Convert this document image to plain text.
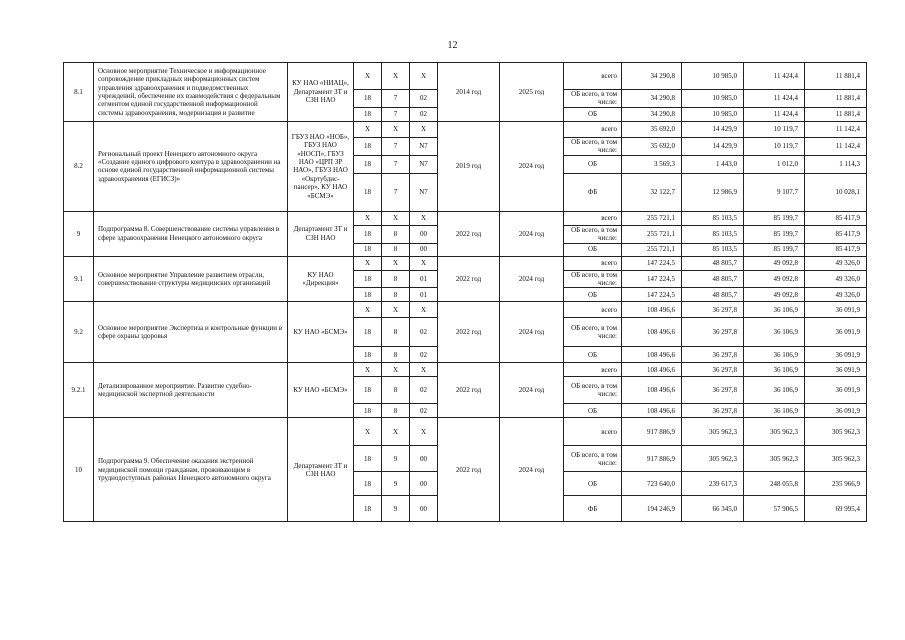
12
8.1	Основное мероприятие Техническое и информационное сопровождение прикладных информационных систем управления здравоохранения и подведомственных учреждений, обеспечение их взаимодействия с федеральным сегментом единой государственной информационной системы здравоохранения, модернизация и развитие	КУ НАО «НИАЦ», Департамент ЗТ и СЗН НАО	Х	Х	Х	2014 год	2025 год	всего	34 290,8	10 985,0	11 424,4	11 881,4
			18	7	02			ОБ всего, в том числе:	34 290,8	10 985,0	11 424,4	11 881,4
			18	7	02			ОБ	34 290,8	10 985,0	11 424,4	11 881,4
8.2	Региональный проект Ненецкого автономного округа «Создание единого цифрового контура в здравоохранении на основе единой государственной информационной системы здравоохранения (ЕГИСЗ)»	ГБУЗ НАО «НОБ», ГБУЗ НАО «НОСП», ГБУЗ НАО «ЦРП ЗР НАО», ГБУЗ НАО «Окртубдис-пансер», КУ НАО «БСМЭ»	Х	Х	Х	2019 год	2024 год	всего	35 692,0	14 429,9	10 119,7	11 142,4
			18	7	N7			ОБ всего, в том числе:	35 692,0	14 429,9	10 119,7	11 142,4
			18	7	N7			ОБ	3 569,3	1 443,0	1 012,0	1 114,3
			18	7	N7			ФБ	32 122,7	12 986,9	9 107,7	10 028,1
9	Подпрограмма 8. Совершенствование системы управления в сфере здравоохранения Ненецкого автономного округа	Департамент ЗТ и СЗН НАО	Х	Х	Х	2022 год	2024 год	всего	255 721,1	85 103,5	85 199,7	85 417,9
			18	8	00			ОБ всего, в том числе:	255 721,1	85 103,5	85 199,7	85 417,9
			18	8	00			ОБ	255 721,1	85 103,5	85 199,7	85 417,9
9.1	Основное мероприятие Управление развитием отрасли, совершенствование структуры медицинских организаций	КУ НАО «Дирекция»	Х	Х	Х	2022 год	2024 год	всего	147 224,5	48 805,7	49 092,8	49 326,0
			18	8	01			ОБ всего, в том числе:	147 224,5	48 805,7	49 092,8	49 326,0
			18	8	01			ОБ	147 224,5	48 805,7	49 092,8	49 326,0
9.2	Основное мероприятие Экспертиза и контрольные функции в сфере охраны здоровья	КУ НАО «БСМЭ»	Х	Х	Х	2022 год	2024 год	всего	108 496,6	36 297,8	36 106,9	36 091,9
			18	8	02			ОБ всего, в том числе:	108 496,6	36 297,8	36 106,9	36 091,9
			18	8	02			ОБ	108 496,6	36 297,8	36 106,9	36 091,9
9.2.1	Детализированное мероприятие. Развитие судебно-медицинской экспертной деятельности	КУ НАО «БСМЭ»	Х	Х	Х	2022 год	2024 год	всего	108 496,6	36 297,8	36 106,9	36 091,9
			18	8	02			ОБ всего, в том числе:	108 496,6	36 297,8	36 106,9	36 091,9
			18	8	02			ОБ	108 496,6	36 297,8	36 106,9	36 091,9
10	Подпрограмма 9. Обеспечение оказания экстренной медицинской помощи гражданам, проживающим в труднодоступных районах Ненецкого автономного округа	Департамент ЗТ и СЗН НАО	Х	Х	Х	2022 год	2024 год	всего	917 886,9	305 962,3	305 962,3	305 962,3
			18	9	00			ОБ всего, в том числе:	917 886,9	305 962,3	305 962,3	305 962,3
			18	9	00			ОБ	723 640,0	239 617,3	248 055,8	235 966,9
			18	9	00			ФБ	194 246,9	66 345,0	57 906,5	69 995,4
